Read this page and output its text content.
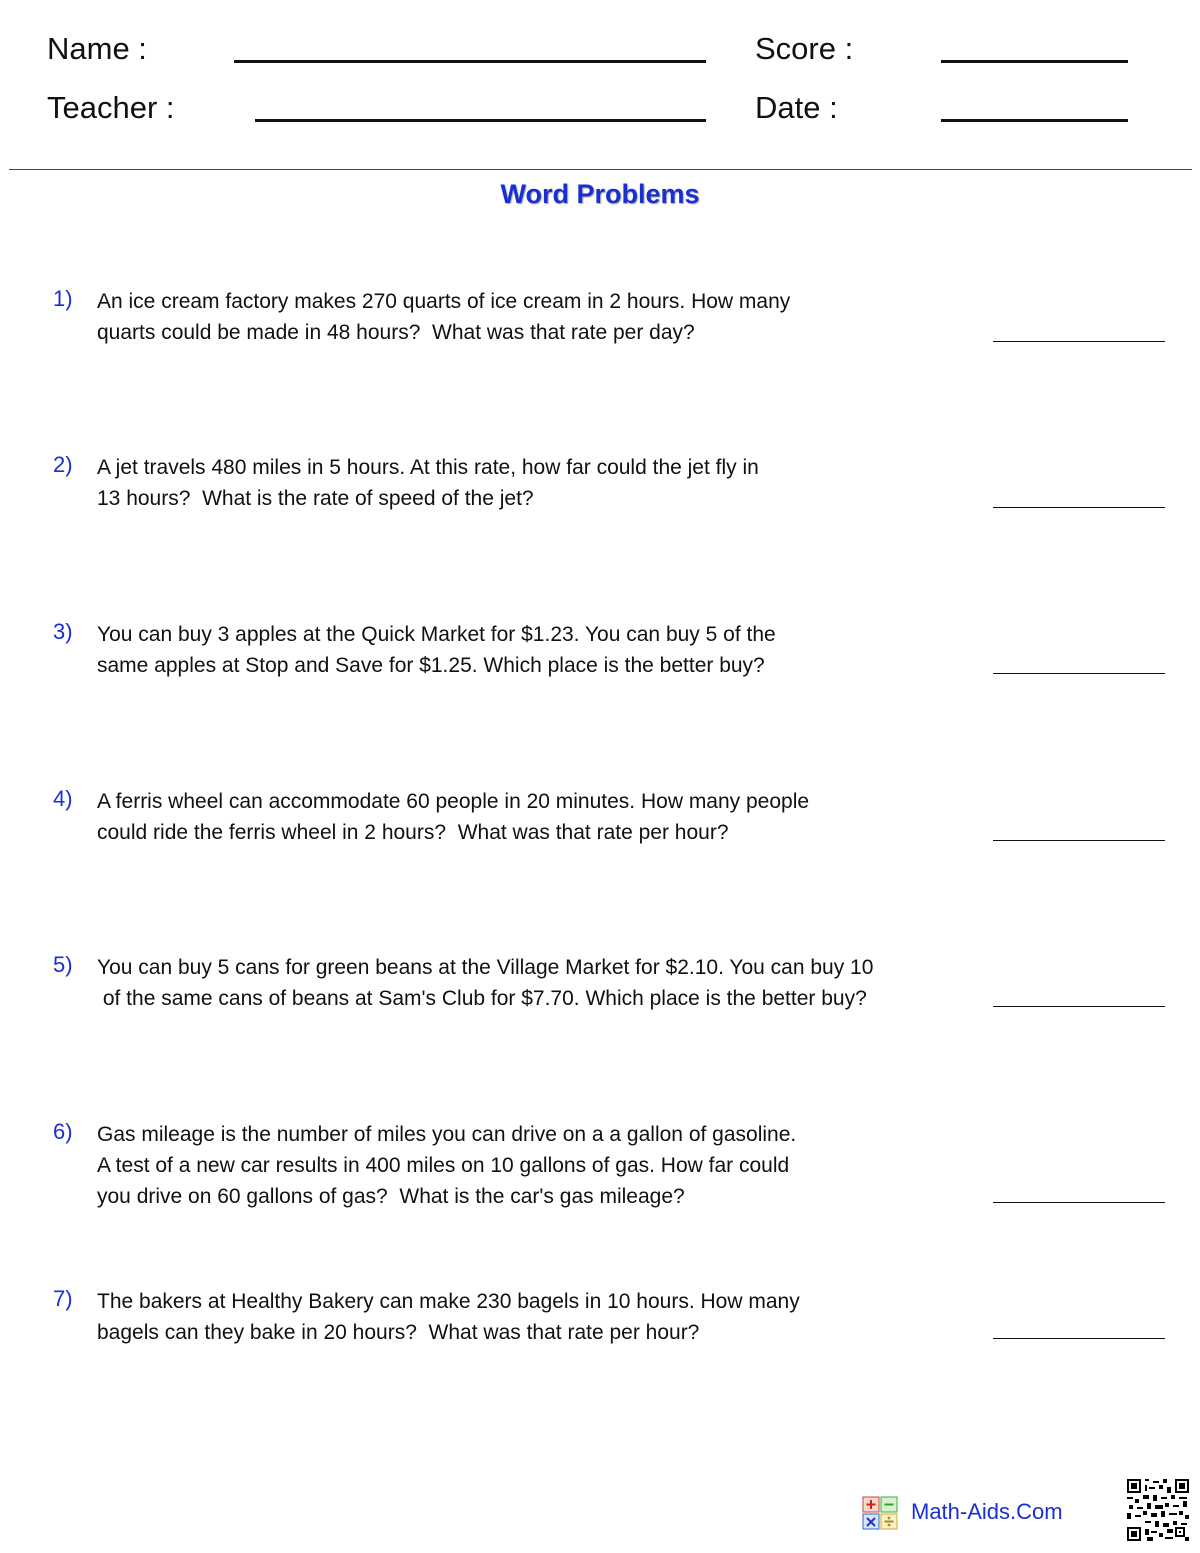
Name :
Teacher :
Score :
Date :
Word Problems
1) An ice cream factory makes 270 quarts of ice cream in 2 hours. How many
quarts could be made in 48 hours?  What was that rate per day?
2) A jet travels 480 miles in 5 hours. At this rate, how far could the jet fly in
13 hours?  What is the rate of speed of the jet?
3) You can buy 3 apples at the Quick Market for $1.23. You can buy 5 of the
same apples at Stop and Save for $1.25. Which place is the better buy?
4) A ferris wheel can accommodate 60 people in 20 minutes. How many people
could ride the ferris wheel in 2 hours?  What was that rate per hour?
5) You can buy 5 cans for green beans at the Village Market for $2.10. You can buy 10
of the same cans of beans at Sam's Club for $7.70. Which place is the better buy?
6) Gas mileage is the number of miles you can drive on a a gallon of gasoline.
A test of a new car results in 400 miles on 10 gallons of gas. How far could
you drive on 60 gallons of gas?  What is the car's gas mileage?
7) The bakers at Healthy Bakery can make 230 bagels in 10 hours. How many
bagels can they bake in 20 hours?  What was that rate per hour?
Math-Aids.Com
